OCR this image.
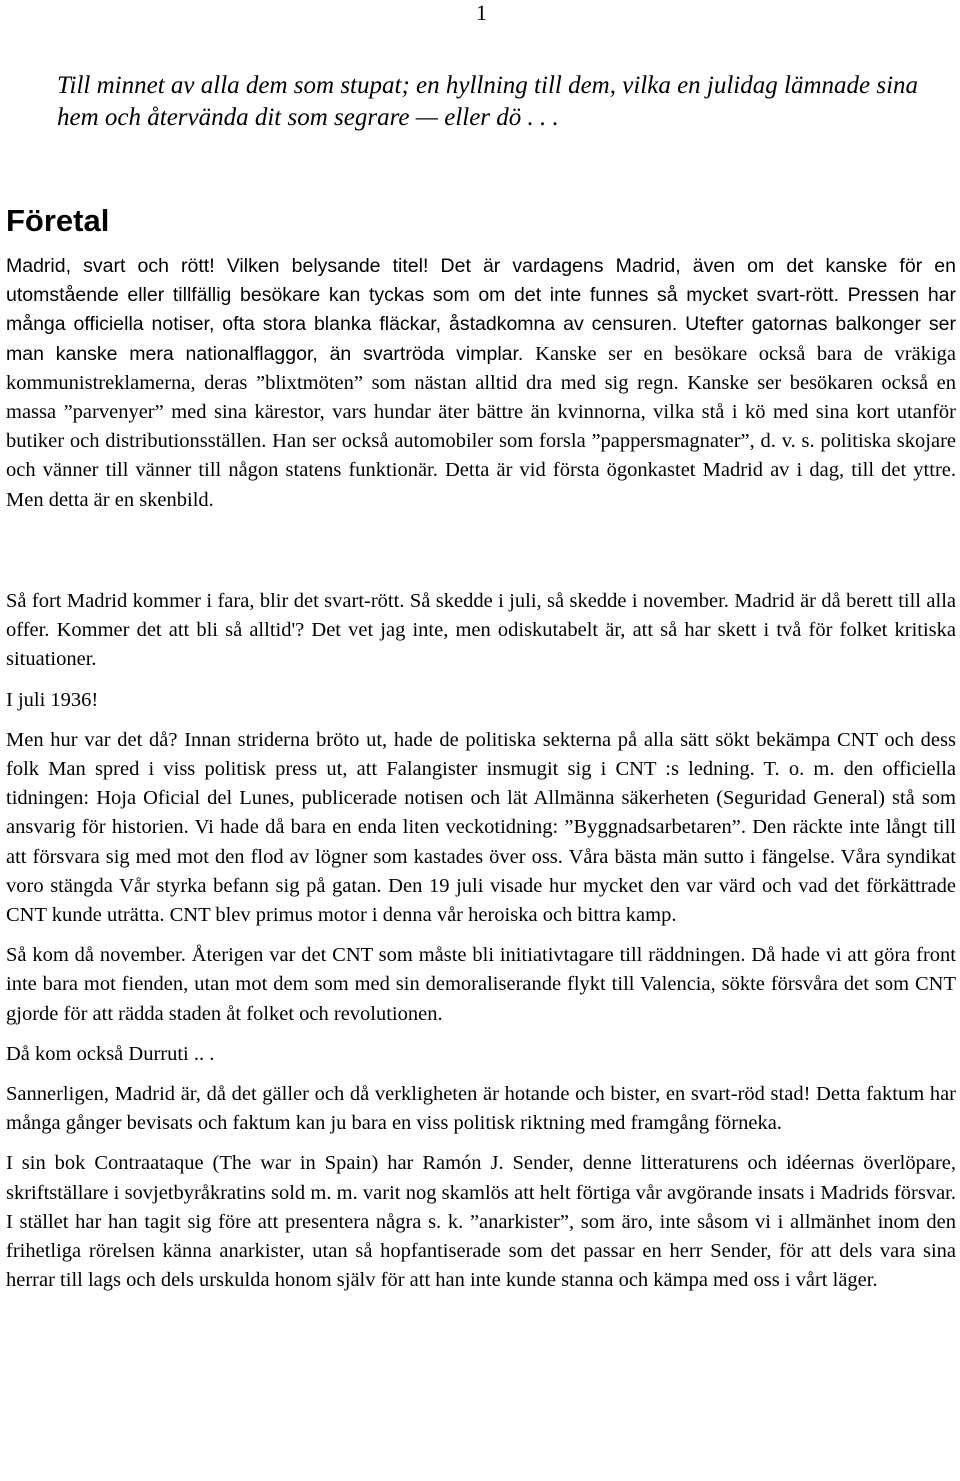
1

Till minnet av alla dem som stupat; en hyllning till dem, vilka en julidag lämnade sina hem och återvända dit som segrare — eller dö . . .

Företal

Madrid, svart och rött! Vilken belysande titel! Det är vardagens Madrid, även om det kanske för en utomstående eller tillfällig besökare kan tyckas som om det inte funnes så mycket svart-rött. Pressen har många officiella notiser, ofta stora blanka fläckar, åstadkomna av censuren. Utefter gatornas balkonger ser man kanske mera nationalflaggor, än svartröda vimplar. Kanske ser en besökare också bara de vräkiga kommunistreklamerna, deras ”blixtmöten” som nästan alltid dra med sig regn. Kanske ser besökaren också en massa ”parvenyer” med sina kärestor, vars hundar äter bättre än kvinnorna, vilka stå i kö med sina kort utanför butiker och distributionsställen. Han ser också automobiler som forsla ”pappersmagnater”, d. v. s. politiska skojare och vänner till vänner till någon statens funktionär. Detta är vid första ögonkastet Madrid av i dag, till det yttre. Men detta är en skenbild.

Så fort Madrid kommer i fara, blir det svart-rött. Så skedde i juli, så skedde i november. Madrid är då berett till alla offer. Kommer det att bli så alltid'? Det vet jag inte, men odiskutabelt är, att så har skett i två för folket kritiska situationer.

I juli 1936!

Men hur var det då? Innan striderna bröto ut, hade de politiska sekterna på alla sätt sökt bekämpa CNT och dess folk Man spred i viss politisk press ut, att Falangister insmugit sig i CNT :s ledning. T. o. m. den officiella tidningen: Hoja Oficial del Lunes, publicerade notisen och lät Allmänna säkerheten (Seguridad General) stå som ansvarig för historien. Vi hade då bara en enda liten veckotidning: ”Byggnadsarbetaren”. Den räckte inte långt till att försvara sig med mot den flod av lögner som kastades över oss. Våra bästa män sutto i fängelse. Våra syndikat voro stängda Vår styrka befann sig på gatan. Den 19 juli visade hur mycket den var värd och vad det förkättrade CNT kunde uträtta. CNT blev primus motor i denna vår heroiska och bittra kamp.

Så kom då november. Återigen var det CNT som måste bli initiativtagare till räddningen. Då hade vi att göra front inte bara mot fienden, utan mot dem som med sin demoraliserande flykt till Valencia, sökte försvåra det som CNT gjorde för att rädda staden åt folket och revolutionen.

Då kom också Durruti .. .

Sannerligen, Madrid är, då det gäller och då verkligheten är hotande och bister, en svart-röd stad! Detta faktum har många gånger bevisats och faktum kan ju bara en viss politisk riktning med framgång förneka.

I sin bok Contraataque (The war in Spain) har Ramón J. Sender, denne litteraturens och idéernas överlöpare, skriftställare i sovjetbyråkratins sold m. m. varit nog skamlös att helt förtiga vår avgörande insats i Madrids försvar. I stället har han tagit sig före att presentera några s. k. ”anarkister”, som äro, inte såsom vi i allmänhet inom den frihetliga rörelsen känna anarkister, utan så hopfantiserade som det passar en herr Sender, för att dels vara sina herrar till lags och dels urskulda honom själv för att han inte kunde stanna och kämpa med oss i vårt läger.
